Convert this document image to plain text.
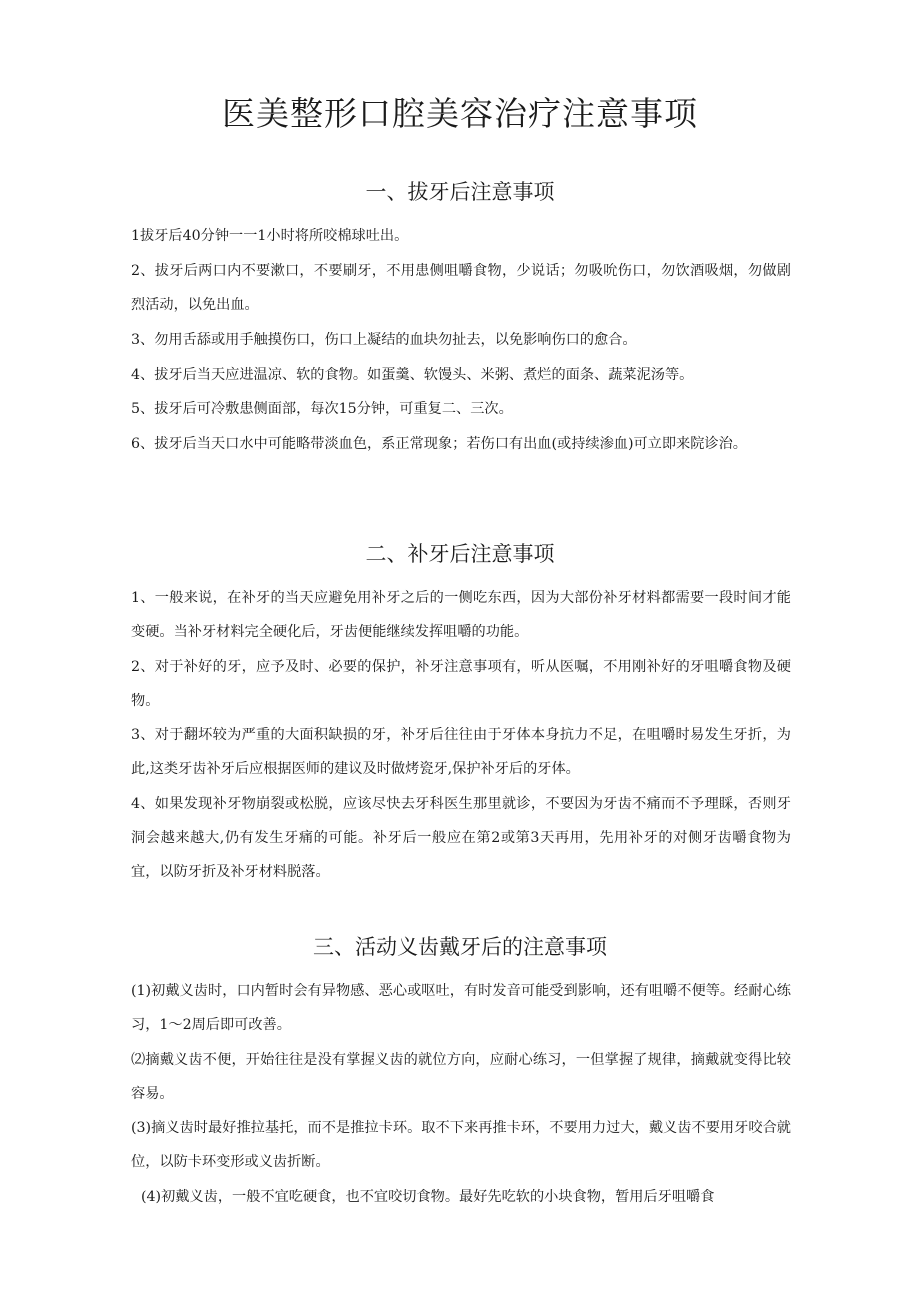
医美整形口腔美容治疗注意事项
一、拔牙后注意事项

1拔牙后40分钟一一1小时将所咬棉球吐出。

2、拔牙后两口内不要漱口，不要刷牙，不用患侧咀嚼食物，少说话；勿吸吮伤口，勿饮酒吸烟，勿做剧烈活动，以免出血。

3、勿用舌舔或用手触摸伤口，伤口上凝结的血块勿扯去，以免影响伤口的愈合。

4、拔牙后当天应进温凉、软的食物。如蛋羹、软馒头、米粥、煮烂的面条、蔬菜泥汤等。

5、拔牙后可冷敷患侧面部，每次15分钟，可重复二、三次。

6、拔牙后当天口水中可能略带淡血色，系正常现象；若伤口有出血(或持续渗血)可立即来院诊治。

二、补牙后注意事项

1、一般来说，在补牙的当天应避免用补牙之后的一侧吃东西，因为大部份补牙材料都需要一段时间才能变硬。当补牙材料完全硬化后，牙齿便能继续发挥咀嚼的功能。

2、对于补好的牙，应予及时、必要的保护，补牙注意事项有，听从医嘱，不用刚补好的牙咀嚼食物及硬物。

3、对于翻坏较为严重的大面积缺损的牙，补牙后往往由于牙体本身抗力不足，在咀嚼时易发生牙折，为此,这类牙齿补牙后应根据医师的建议及时做烤瓷牙,保护补牙后的牙体。

4、如果发现补牙物崩裂或松脱，应该尽快去牙科医生那里就诊，不要因为牙齿不痛而不予理睬，否则牙洞会越来越大,仍有发生牙痛的可能。补牙后一般应在第2或第3天再用，先用补牙的对侧牙齿嚼食物为宜，以防牙折及补牙材料脱落。

三、活动义齿戴牙后的注意事项

(1)初戴义齿时，口内暂时会有异物感、恶心或呕吐，有时发音可能受到影响，还有咀嚼不便等。经耐心练习，1～2周后即可改善。

⑵摘戴义齿不便，开始往往是没有掌握义齿的就位方向，应耐心练习，一但掌握了规律，摘戴就变得比较容易。

(3)摘义齿时最好推拉基托，而不是推拉卡环。取不下来再推卡环，不要用力过大，戴义齿不要用牙咬合就位，以防卡环变形或义齿折断。

(4)初戴义齿，一般不宜吃硬食，也不宜咬切食物。最好先吃软的小块食物，暂用后牙咀嚼食
